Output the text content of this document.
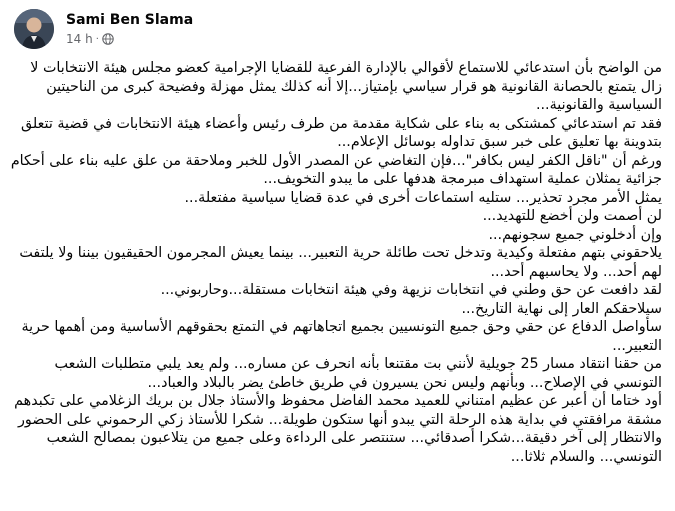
Sami Ben Slama
14 h ·

من الواضح بأن استدعائي للاستماع لأقوالي بالإدارة الفرعية للقضايا الإجرامية كعضو مجلس هيئة الانتخابات لا زال يتمتع بالحصانة القانونية هو قرار سياسي بإمتياز...إلا أنه كذلك يمثل مهزلة وفضيحة كبرى من الناحيتين السياسية والقانونية...

فقد تم استدعائي كمشتكى به بناء على شكاية مقدمة من طرف رئيس وأعضاء هيئة الانتخابات في قضية تتعلق بتدوينة بها تعليق على خبر سبق تداوله بوسائل الإعلام...

ورغم أن "ناقل الكفر ليس بكافر"...فإن التغاضي عن المصدر الأول للخبر وملاحقة من علق عليه بناء على أحكام جزائية يمثلان عملية استهداف مبرمجة هدفها على ما يبدو التخويف...

يمثل الأمر مجرد تحذير... ستليه استماعات أخرى في عدة قضايا سياسية مفتعلة...

لن أصمت ولن أخضع للتهديد...

وإن أدخلوني جميع سجونهم...

يلاحقوني بتهم مفتعلة وكيدية وتدخل تحت طائلة حرية التعبير... بينما يعيش المجرمون الحقيقيون بيننا ولا يلتفت لهم أحد... ولا يحاسبهم أحد...

لقد دافعت عن حق وطني في انتخابات نزيهة وفي هيئة انتخابات مستقلة...وحاربوني...

سيلاحقكم العار إلى نهاية التاريخ...

سأواصل الدفاع عن حقي وحق جميع التونسيين بجميع اتجاهاتهم في التمتع بحقوقهم الأساسية ومن أهمها حرية التعبير...

من حقنا انتقاد مسار 25 جويلية لأنني بت مقتنعا بأنه انحرف عن مساره... ولم يعد يلبي متطلبات الشعب التونسي في الإصلاح... وبأنهم وليس نحن يسيرون في طريق خاطئ يضر بالبلاد والعباد...

أود ختاما أن أعبر عن عظيم امتناني للعميد محمد الفاضل محفوظ والأستاذ جلال بن بريك الزغلامي على تكبدهم مشقة مرافقتي في بداية هذه الرحلة التي يبدو أنها ستكون طويلة... شكرا للأستاذ زكي الرحموني على الحضور والانتظار إلى آخر دقيقة...شكرا أصدقائي... ستنتصر على الرداءة وعلى جميع من يتلاعبون بمصالح الشعب التونسي... والسلام ثلاثا...
